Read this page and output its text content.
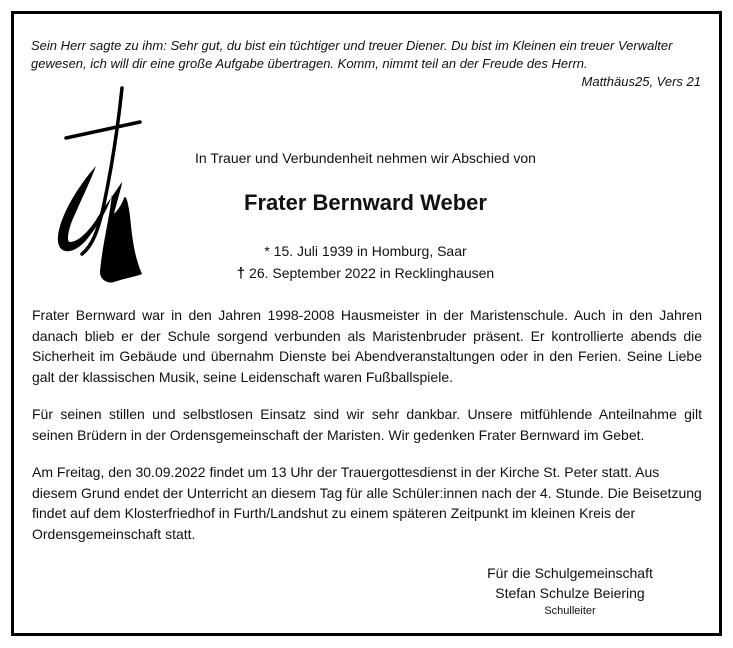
Sein Herr sagte zu ihm: Sehr gut, du bist ein tüchtiger und treuer Diener. Du bist im Kleinen ein treuer Verwalter gewesen, ich will dir eine große Aufgabe übertragen. Komm, nimmt teil an der Freude des Herrn.
Matthäus25, Vers 21
In Trauer und Verbundenheit nehmen wir Abschied von
Frater Bernward Weber
* 15. Juli 1939 in Homburg, Saar
† 26. September 2022 in Recklinghausen
Frater Bernward war in den Jahren 1998-2008 Hausmeister in der Maristenschule. Auch in den Jahren danach blieb er der Schule sorgend verbunden als Maristenbruder präsent. Er kontrollierte abends die Sicherheit im Gebäude und übernahm Dienste bei Abendveranstaltungen oder in den Ferien. Seine Liebe galt der klassischen Musik, seine Leidenschaft waren Fußballspiele.
Für seinen stillen und selbstlosen Einsatz sind wir sehr dankbar. Unsere mitfühlende Anteilnahme gilt seinen Brüdern in der Ordensgemeinschaft der Maristen. Wir gedenken Frater Bernward im Gebet.
Am Freitag, den 30.09.2022 findet um 13 Uhr der Trauergottesdienst in der Kirche St. Peter statt. Aus diesem Grund endet der Unterricht an diesem Tag für alle Schüler:innen nach der 4. Stunde. Die Beisetzung findet auf dem Klosterfriedhof in Furth/Landshut zu einem späteren Zeitpunkt im kleinen Kreis der Ordensgemeinschaft statt.
Für die Schulgemeinschaft
Stefan Schulze Beiering
Schulleiter
